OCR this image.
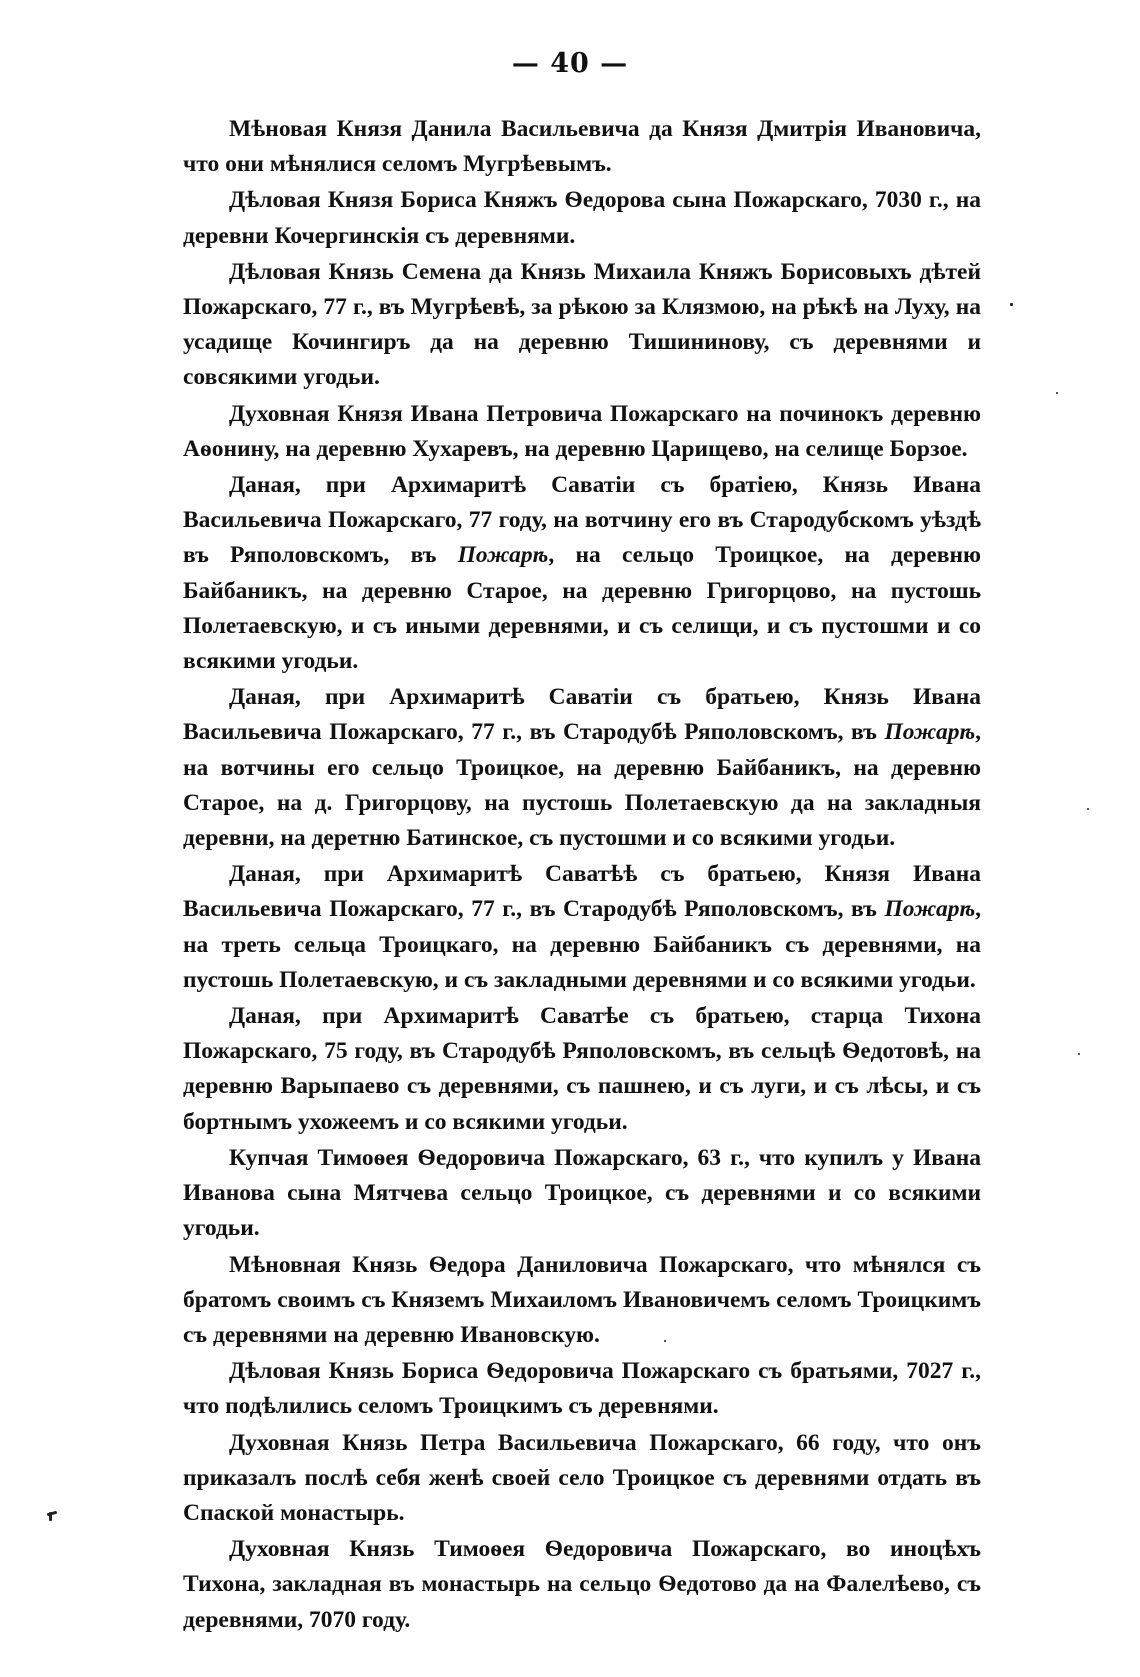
— 40 —

Мѣновая Князя Данила Васильевича да Князя Дмитрія Ивановича, что они мѣнялися селомъ Мугрѣевымъ.

Дѣловая Князя Бориса Княжъ Ѳедорова сына Пожарскаго, 7030 г., на деревни Кочергинскія съ деревнями.

Дѣловая Князь Семена да Князь Михаила Княжъ Борисовыхъ дѣтей Пожарскаго, 77 г., въ Мугрѣевѣ, за рѣкою за Клязмою, на рѣкѣ на Луху, на усадище Кочингиръ да на деревню Тишининову, съ деревнями и совсякими угодьи.

Духовная Князя Ивана Петровича Пожарскаго на починокъ деревню Аѳонину, на деревню Хухаревъ, на деревню Царищево, на селище Борзое.

Даная, при Архимаритѣ Саватіи съ братіею, Князь Ивана Васильевича Пожарскаго, 77 году, на вотчину его въ Стародубскомъ уѣздѣ въ Ряполовскомъ, въ Пожарѣ, на сельцо Троицкое, на деревню Байбаникъ, на деревню Старое, на деревню Григорцово, на пустошь Полетаевскую, и съ иными деревнями, и съ селищи, и съ пустошми и со всякими угодьи.

Даная, при Архимаритѣ Саватіи съ братьею, Князь Ивана Васильевича Пожарскаго, 77 г., въ Стародубѣ Ряполовскомъ, въ Пожарѣ, на вотчины его сельцо Троицкое, на деревню Байбаникъ, на деревню Старое, на д. Григорцову, на пустошь Полетаевскую да на закладныя деревни, на деретню Батинское, съ пустошми и со всякими угодьи.

Даная, при Архимаритѣ Саватѣѣ съ братьею, Князя Ивана Васильевича Пожарскаго, 77 г., въ Стародубѣ Ряполовскомъ, въ Пожарѣ, на треть сельца Троицкаго, на деревню Байбаникъ съ деревнями, на пустошь Полетаевскую, и съ закладными деревнями и со всякими угодьи.

Даная, при Архимаритѣ Саватѣе съ братьею, старца Тихона Пожарскаго, 75 году, въ Стародубѣ Ряполовскомъ, въ сельцѣ Ѳедотовѣ, на деревню Варыпаево съ деревнями, съ пашнею, и съ луги, и съ лѣсы, и съ бортнымъ ухожеемъ и со всякими угодьи.

Купчая Тимоѳея Ѳедоровича Пожарскаго, 63 г., что купилъ у Ивана Иванова сына Мятчева сельцо Троицкое, съ деревнями и со всякими угодьи.

Мѣновная Князь Ѳедора Даниловича Пожарскаго, что мѣнялся съ братомъ своимъ съ Княземъ Михаиломъ Ивановичемъ селомъ Троицкимъ съ деревнями на деревню Ивановскую.

Дѣловая Князь Бориса Ѳедоровича Пожарскаго съ братьями, 7027 г., что подѣлились селомъ Троицкимъ съ деревнями.

Духовная Князь Петра Васильевича Пожарскаго, 66 году, что онъ приказалъ послѣ себя женѣ своей село Троицкое съ деревнями отдать въ Спаской монастырь.

Духовная Князь Тимоѳея Ѳедоровича Пожарскаго, во иноцѣхъ Тихона, закладная въ монастырь на сельцо Ѳедотово да на Фалелѣево, съ деревнями, 7070 году.
